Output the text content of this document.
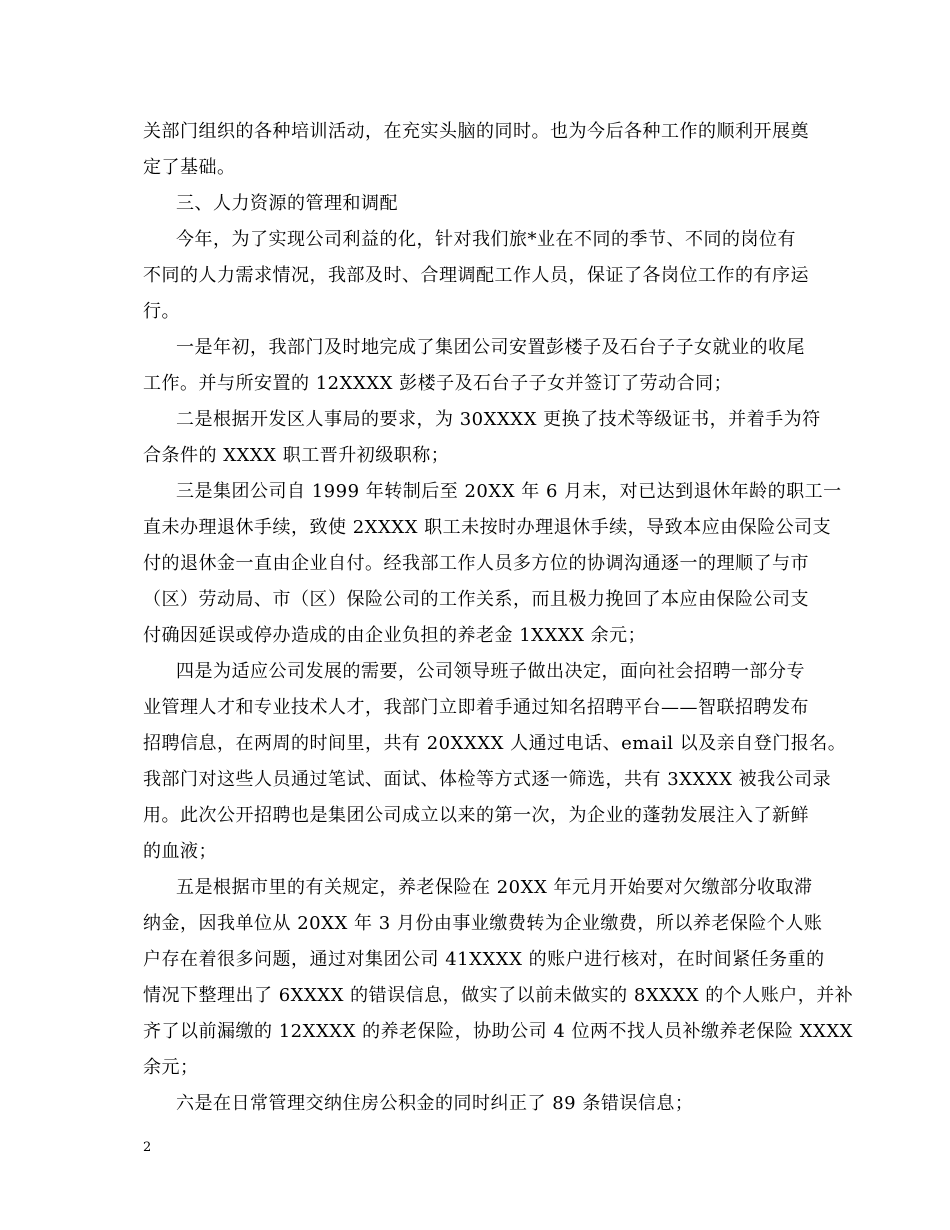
关部门组织的各种培训活动，在充实头脑的同时。也为今后各种工作的顺利开展奠
定了基础。
三、人力资源的管理和调配
今年，为了实现公司利益的化，针对我们旅*业在不同的季节、不同的岗位有
不同的人力需求情况，我部及时、合理调配工作人员，保证了各岗位工作的有序运
行。
一是年初，我部门及时地完成了集团公司安置彭楼子及石台子子女就业的收尾
工作。并与所安置的 12XXXX 彭楼子及石台子子女并签订了劳动合同；
二是根据开发区人事局的要求，为 30XXXX 更换了技术等级证书，并着手为符
合条件的 XXXX 职工晋升初级职称；
三是集团公司自 1999 年转制后至 20XX 年 6 月末，对已达到退休年龄的职工一
直未办理退休手续，致使 2XXXX 职工未按时办理退休手续，导致本应由保险公司支
付的退休金一直由企业自付。经我部工作人员多方位的协调沟通逐一的理顺了与市
（区）劳动局、市（区）保险公司的工作关系，而且极力挽回了本应由保险公司支
付确因延误或停办造成的由企业负担的养老金 1XXXX 余元；
四是为适应公司发展的需要，公司领导班子做出决定，面向社会招聘一部分专
业管理人才和专业技术人才，我部门立即着手通过知名招聘平台——智联招聘发布
招聘信息，在两周的时间里，共有 20XXXX 人通过电话、email 以及亲自登门报名。
我部门对这些人员通过笔试、面试、体检等方式逐一筛选，共有 3XXXX 被我公司录
用。此次公开招聘也是集团公司成立以来的第一次，为企业的蓬勃发展注入了新鲜
的血液；
五是根据市里的有关规定，养老保险在 20XX 年元月开始要对欠缴部分收取滞
纳金，因我单位从 20XX 年 3 月份由事业缴费转为企业缴费，所以养老保险个人账
户存在着很多问题，通过对集团公司 41XXXX 的账户进行核对，在时间紧任务重的
情况下整理出了 6XXXX 的错误信息，做实了以前未做实的 8XXXX 的个人账户，并补
齐了以前漏缴的 12XXXX 的养老保险，协助公司 4 位两不找人员补缴养老保险 XXXX
余元；
六是在日常管理交纳住房公积金的同时纠正了 89 条错误信息；
2
